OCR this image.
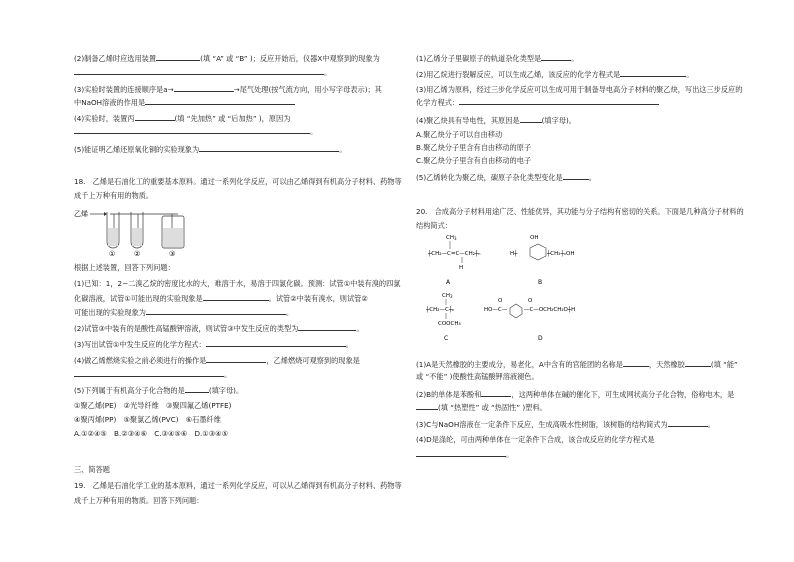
(2)制备乙烯时应选用装置	(填 “A” 或 “B” )；反应开始后，仪器X中观察到的现象为
。
(3)实验时装置的连接顺序是a→	→尾气处理(按气流方向，用小写字母表示)；其
中NaOH溶液的作用是
(4)实验时，装置丙	(填 “先加热” 或 “后加热” )，原因为
。
(5)能证明乙烯还原氧化铜的实验现象为	。
18.　乙烯是石油化工的重要基本原料。通过一系列化学反应，可以由乙烯得到有机高分子材料、药物等
成千上万种有用的物质。
乙烯
①	②	③
根据上述装置，回答下列问题：
(1)已知：1，2−二溴乙烷的密度比水的大，难溶于水，易溶于四氯化碳。预测：试管①中装有溴的四氯
化碳溶液，试管①可能出现的实验现象是	。试管②中装有溴水，则试管②
可能出现的实验现象为	。
(2)试管③中装有的是酸性高锰酸钾溶液，则试管③中发生反应的类型为	。
(3)写出试管①中发生反应的化学方程式：	。
(4)做乙烯燃烧实验之前必须进行的操作是	，乙烯燃烧可观察到的现象是
。
(5)下列属于有机高分子化合物的是	(填字母)。
①聚乙烯(PE)　②光导纤维　③聚四氟乙烯(PTFE)
④聚丙烯(PP)　⑤聚氯乙烯(PVC)　⑥石墨纤维
A.①②④⑤　B.②③④⑥　C.③④⑤⑥　D.①③④⑤
三、简答题
19.　乙烯是石油化学工业的基本原料，通过一系列化学反应，可以从乙烯得到有机高分子材料、药物等
成千上万种有用的物质。回答下列问题：
(1)乙烯分子里碳原子的轨道杂化类型是	。
(2)用乙烷进行裂解反应，可以生成乙烯，该反应的化学方程式是	。
(3)用乙烯为原料，经过三步化学反应可以生成可用于制备导电高分子材料的聚乙炔，写出这三步反应的
化学方程式：
(4)聚乙炔具有导电性，其原因是	(填字母)。
A.聚乙炔分子可以自由移动
B.聚乙炔分子里含有自由移动的原子
C.聚乙炔分子里含有自由移动的电子
(5)乙烯转化为聚乙炔，碳原子杂化类型变化是	。
20.　合成高分子材料用途广泛、性能优异，其功能与分子结构有密切的关系。下面是几种高分子材料的
结构简式：
CH3
┼CH₂—C=C—CH₂┼ₙ
H
A
OH
H┼	┼CH₂┼ₙOH
B
CH3
┼CH₂—C┼ₙ
COOCH₃
C
O	O
HO—C—	—C—OCH₂CH₂O┼H
D
(1)A是天然橡胶的主要成分，易老化，A中含有的官能团的名称是	，天然橡胶	(填 “能”
或 “不能” )使酸性高锰酸钾溶液褪色。
(2)B的单体是苯酚和	，这两种单体在碱的催化下，可生成网状高分子化合物，俗称电木，是
(填 “热塑性” 或 “热固性” )塑料。
(3)C与NaOH溶液在一定条件下反应，生成高吸水性树脂，该树脂的结构简式为	。
(4)D是涤纶，可由两种单体在一定条件下合成，该合成反应的化学方程式是
。
